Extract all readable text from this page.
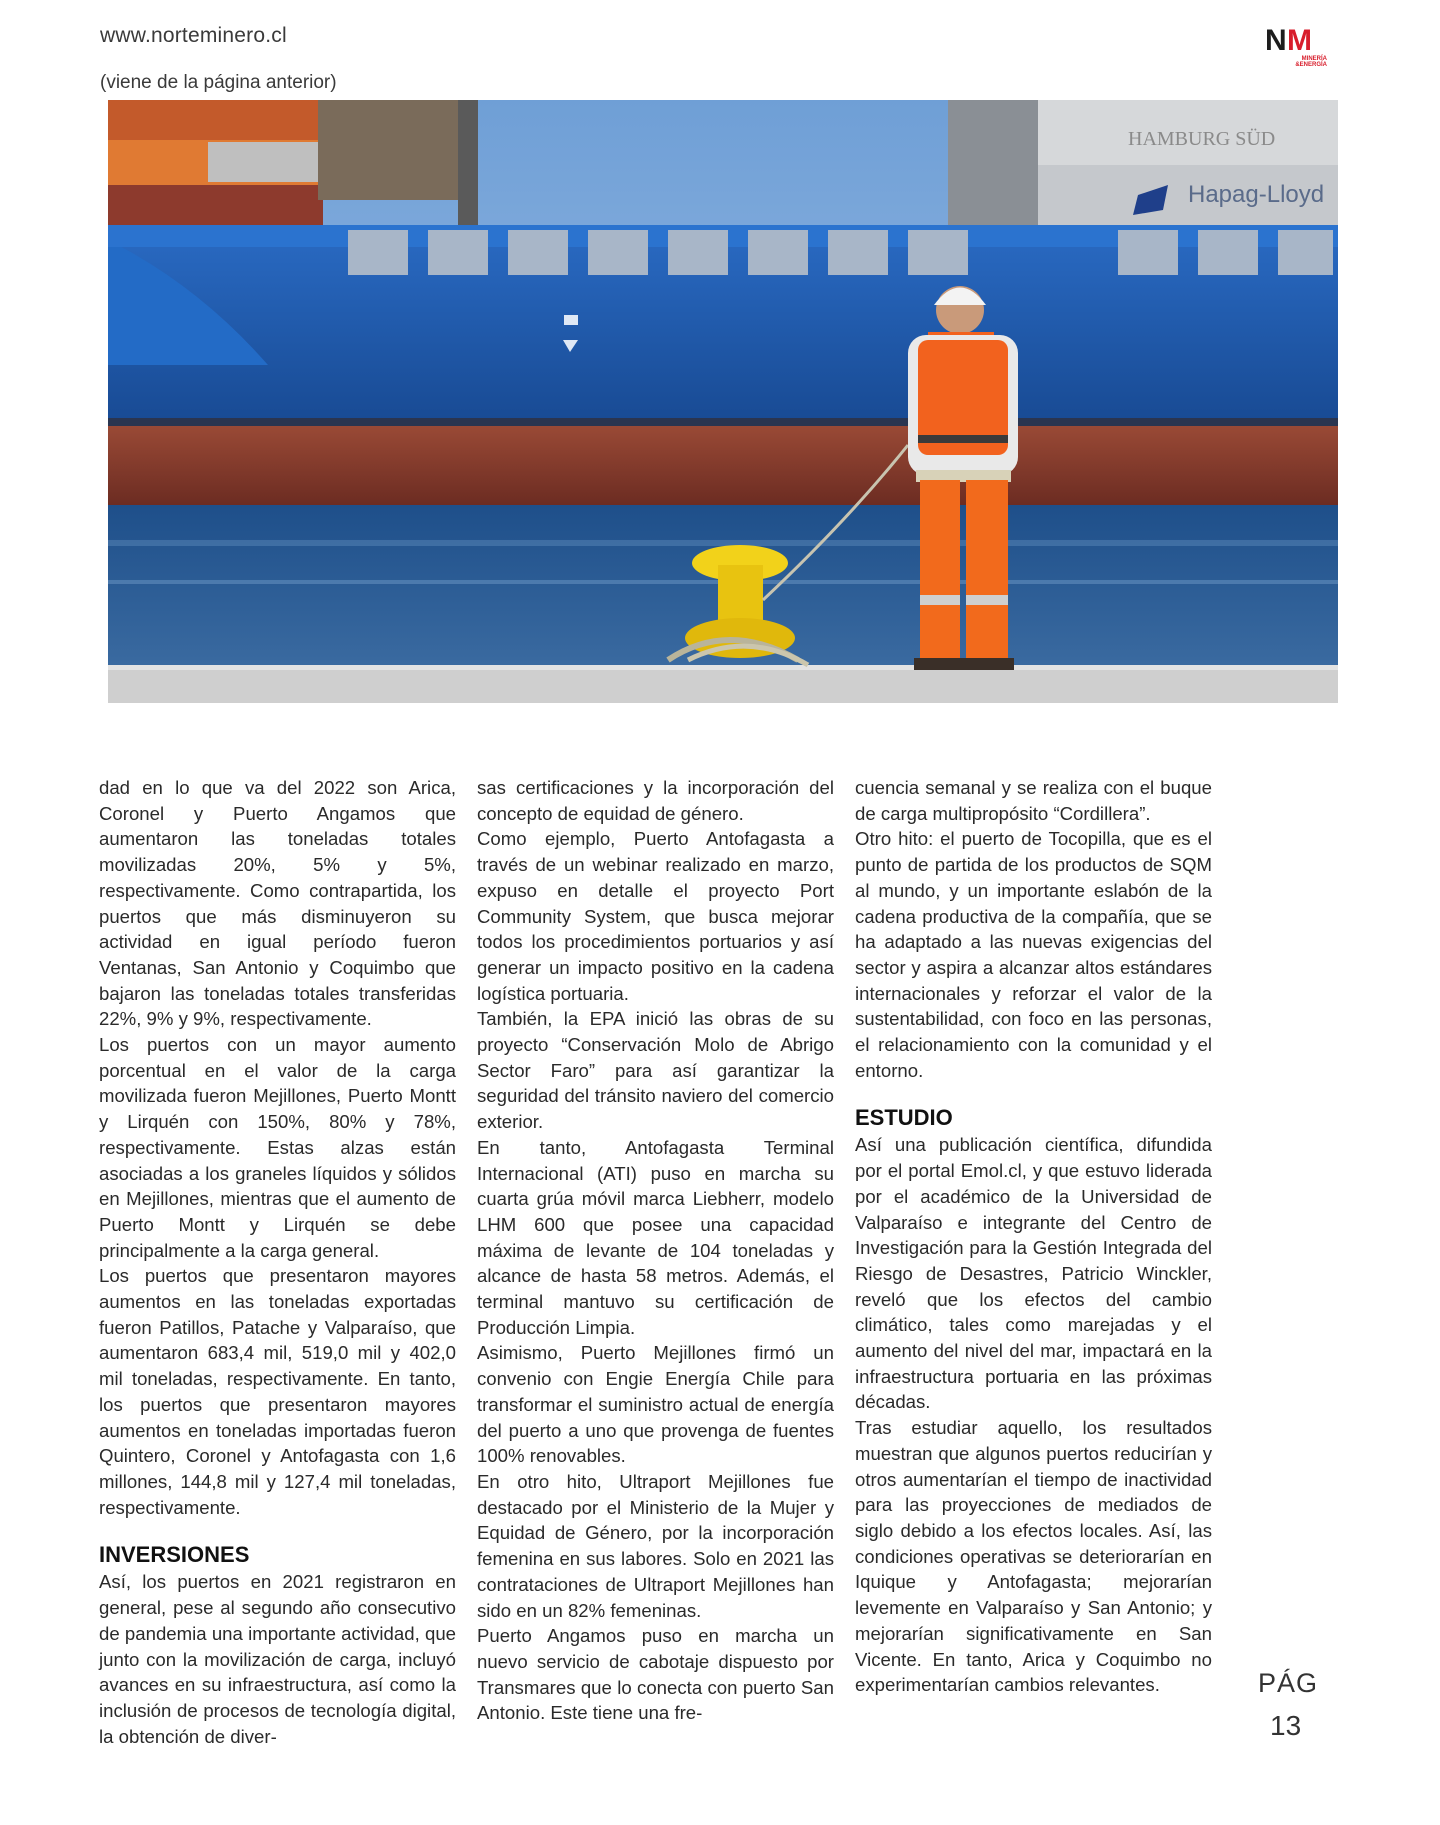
www.norteminero.cl	N M
MINERÍA
&ENERGÍA
(viene de la página anterior)
HAMBURG SÜD
Hapag-Lloyd

dad en lo que va del 2022 son Arica, Coronel y Puerto Angamos que aumentaron las toneladas totales movilizadas 20%, 5% y 5%, respectivamente. Como contrapartida, los puertos que más disminuyeron su actividad en igual período fueron Ventanas, San Antonio y Coquimbo que bajaron las toneladas totales transferidas 22%, 9% y 9%, respectivamente.

Los puertos con un mayor aumento porcentual en el valor de la carga movilizada fueron Mejillones, Puerto Montt y Lirquén con 150%, 80% y 78%, respectivamente. Estas alzas están asociadas a los graneles líquidos y sólidos en Mejillones, mientras que el aumento de Puerto Montt y Lirquén se debe principalmente a la carga general.

Los puertos que presentaron mayores aumentos en las toneladas exportadas fueron Patillos, Patache y Valparaíso, que aumentaron 683,4 mil, 519,0 mil y 402,0 mil toneladas, respectivamente. En tanto, los puertos que presentaron mayores aumentos en toneladas importadas fueron Quintero, Coronel y Antofagasta con 1,6 millones, 144,8 mil y 127,4 mil toneladas, respectivamente.

INVERSIONES

Así, los puertos en 2021 registraron en general, pese al segundo año consecutivo de pandemia una importante actividad, que junto con la movilización de carga, incluyó avances en su infraestructura, así como la inclusión de procesos de tecnología digital, la obtención de diver-

sas certificaciones y la incorporación del concepto de equidad de género.

Como ejemplo, Puerto Antofagasta a través de un webinar realizado en marzo, expuso en detalle el proyecto Port Community System, que busca mejorar todos los procedimientos portuarios y así generar un impacto positivo en la cadena logística portuaria.

También, la EPA inició las obras de su proyecto “Conservación Molo de Abrigo Sector Faro” para así garantizar la seguridad del tránsito naviero del comercio exterior.

En tanto, Antofagasta Terminal Internacional (ATI) puso en marcha su cuarta grúa móvil marca Liebherr, modelo LHM 600 que posee una capacidad máxima de levante de 104 toneladas y alcance de hasta 58 metros. Además, el terminal mantuvo su certificación de Producción Limpia.

Asimismo, Puerto Mejillones firmó un convenio con Engie Energía Chile para transformar el suministro actual de energía del puerto a uno que provenga de fuentes 100% renovables.

En otro hito, Ultraport Mejillones fue destacado por el Ministerio de la Mujer y Equidad de Género, por la incorporación femenina en sus labores. Solo en 2021 las contrataciones de Ultraport Mejillones han sido en un 82% femeninas.

Puerto Angamos puso en marcha un nuevo servicio de cabotaje dispuesto por Transmares que lo conecta con puerto San Antonio. Este tiene una fre-

cuencia semanal y se realiza con el buque de carga multipropósito “Cordillera”.

Otro hito: el puerto de Tocopilla, que es el punto de partida de los productos de SQM al mundo, y un importante eslabón de la cadena productiva de la compañía, que se ha adaptado a las nuevas exigencias del sector y aspira a alcanzar altos estándares internacionales y reforzar el valor de la sustentabilidad, con foco en las personas, el relacionamiento con la comunidad y el entorno.

ESTUDIO

Así una publicación científica, difundida por el portal Emol.cl, y que estuvo liderada por el académico de la Universidad de Valparaíso e integrante del Centro de Investigación para la Gestión Integrada del Riesgo de Desastres, Patricio Winckler, reveló que los efectos del cambio climático, tales como marejadas y el aumento del nivel del mar, impactará en la infraestructura portuaria en las próximas décadas.

Tras estudiar aquello, los resultados muestran que algunos puertos reducirían y otros aumentarían el tiempo de inactividad para las proyecciones de mediados de siglo debido a los efectos locales. Así, las condiciones operativas se deteriorarían en Iquique y Antofagasta; mejorarían levemente en Valparaíso y San Antonio; y mejorarían significativamente en San Vicente. En tanto, Arica y Coquimbo no experimentarían cambios relevantes.	PÁG
13
